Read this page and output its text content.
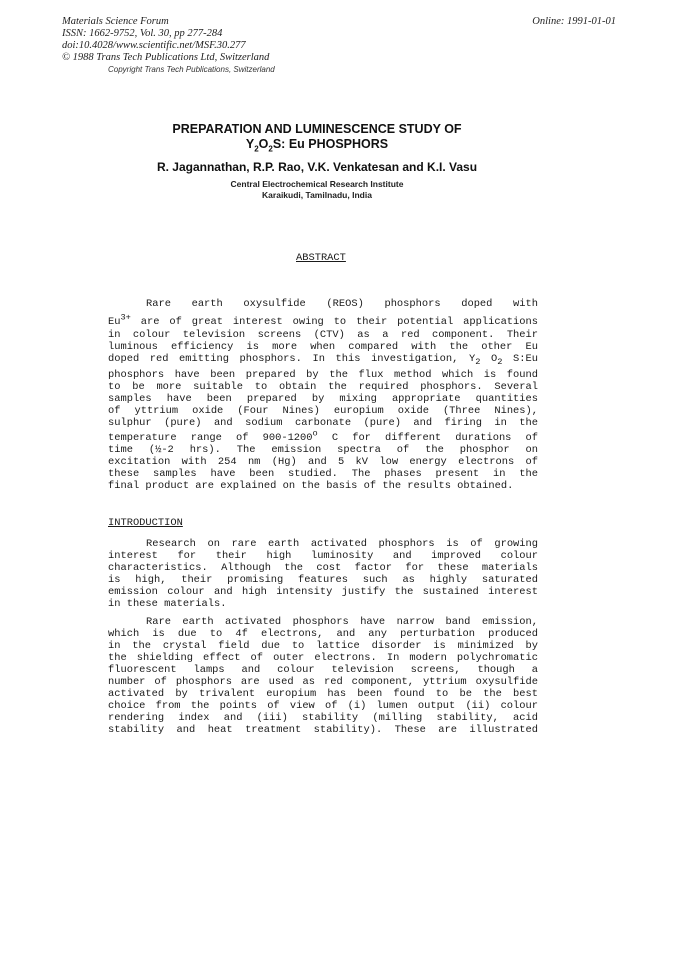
Materials Science Forum
ISSN: 1662-9752, Vol. 30, pp 277-284
doi:10.4028/www.scientific.net/MSF.30.277
© 1988 Trans Tech Publications Ltd, Switzerland
Online: 1991-01-01
Copyright Trans Tech Publications, Switzerland
PREPARATION AND LUMINESCENCE STUDY OF
$Y_2O_2S$: Eu PHOSPHORS
R. Jagannathan, R.P. Rao, V.K. Venkatesan and K.I. Vasu
Central Electrochemical Research Institute
Karaikudi, Tamilnadu, India
ABSTRACT
Rare earth oxysulfide (REOS) phosphors doped with
$Eu^{3+}$ are of great interest owing to their potential applications
in colour television screens (CTV) as a red component. Their
luminous efficiency is more when compared with the other Eu
doped red emitting phosphors. In this investigation, $Y_2$ $O_2$ S:Eu
phosphors have been prepared by the flux method which is found
to be more suitable to obtain the required phosphors. Several
samples have been prepared by mixing appropriate quantities
of yttrium oxide (Four Nines) europium oxide (Three Nines),
sulphur (pure) and sodium carbonate (pure) and firing in the
temperature range of 900-1200$^o$ C for different durations of
time (½-2 hrs). The emission spectra of the phosphor on
excitation with 254 nm (Hg) and 5 kV low energy electrons of
these samples have been studied. The phases present in the
final product are explained on the basis of the results obtained.
INTRODUCTION
Research on rare earth activated phosphors is of growing
interest for their high luminosity and improved colour
characteristics. Although the cost factor for these materials
is high, their promising features such as highly saturated
emission colour and high intensity justify the sustained interest
in these materials.
Rare earth activated phosphors have narrow band emission,
which is due to 4f electrons, and any perturbation produced
in the crystal field due to lattice disorder is minimized by
the shielding effect of outer electrons. In modern polychromatic
fluorescent lamps and colour television screens, though a
number of phosphors are used as red component, yttrium oxysulfide
activated by trivalent europium has been found to be the best
choice from the points of view of (i) lumen output (ii) colour
rendering index and (iii) stability (milling stability, acid
stability and heat treatment stability). These are illustrated
